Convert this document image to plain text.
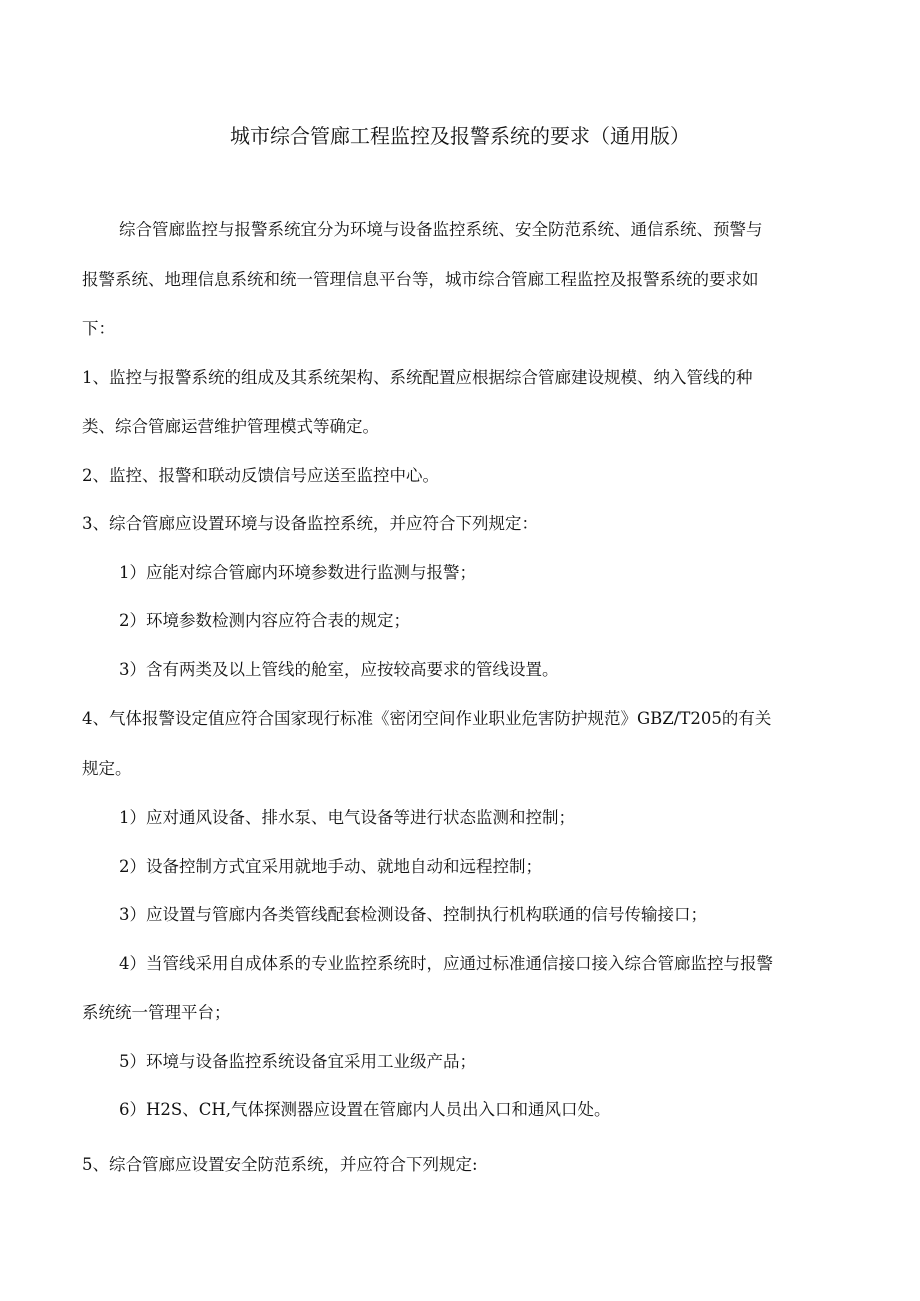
城市综合管廊工程监控及报警系统的要求（通用版）
综合管廊监控与报警系统宜分为环境与设备监控系统、安全防范系统、通信系统、预警与
报警系统、地理信息系统和统一管理信息平台等，城市综合管廊工程监控及报警系统的要求如
下：
1、监控与报警系统的组成及其系统架构、系统配置应根据综合管廊建设规模、纳入管线的种
类、综合管廊运营维护管理模式等确定。
2、监控、报警和联动反馈信号应送至监控中心。
3、综合管廊应设置环境与设备监控系统，并应符合下列规定：
1）应能对综合管廊内环境参数进行监测与报警；
2）环境参数检测内容应符合表的规定；
3）含有两类及以上管线的舱室，应按较高要求的管线设置。
4、气体报警设定值应符合国家现行标准《密闭空间作业职业危害防护规范》GBZ/T205的有关
规定。
1）应对通风设备、排水泵、电气设备等进行状态监测和控制；
2）设备控制方式宜采用就地手动、就地自动和远程控制；
3）应设置与管廊内各类管线配套检测设备、控制执行机构联通的信号传输接口；
4）当管线采用自成体系的专业监控系统时，应通过标准通信接口接入综合管廊监控与报警
系统统一管理平台；
5）环境与设备监控系统设备宜采用工业级产品；
6）H2S、CH,气体探测器应设置在管廊内人员出入口和通风口处。
5、综合管廊应设置安全防范系统，并应符合下列规定:
